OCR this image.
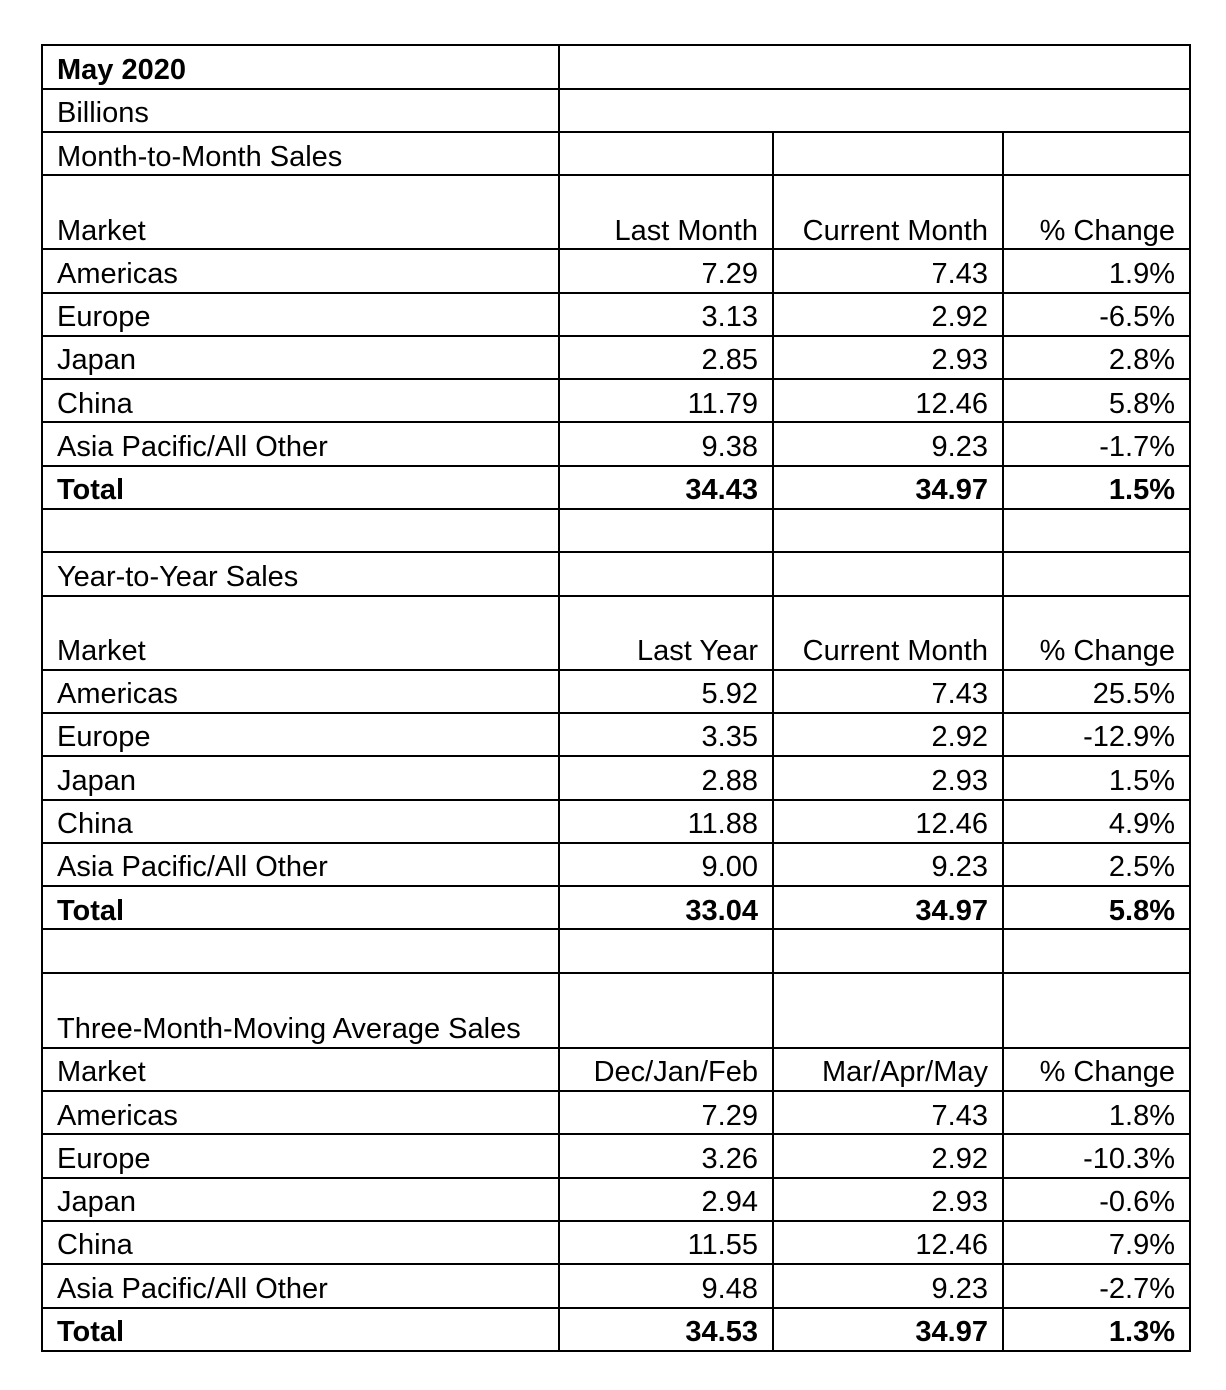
May 2020			
Billions			
Month-to-Month Sales			
Market	Last Month	Current Month	% Change
Americas	7.29	7.43	1.9%
Europe	3.13	2.92	-6.5%
Japan	2.85	2.93	2.8%
China	11.79	12.46	5.8%
Asia Pacific/All Other	9.38	9.23	-1.7%
Total	34.43	34.97	1.5%

Year-to-Year Sales			
Market	Last Year	Current Month	% Change
Americas	5.92	7.43	25.5%
Europe	3.35	2.92	-12.9%
Japan	2.88	2.93	1.5%
China	11.88	12.46	4.9%
Asia Pacific/All Other	9.00	9.23	2.5%
Total	33.04	34.97	5.8%

Three-Month-Moving Average Sales			
Market	Dec/Jan/Feb	Mar/Apr/May	% Change
Americas	7.29	7.43	1.8%
Europe	3.26	2.92	-10.3%
Japan	2.94	2.93	-0.6%
China	11.55	12.46	7.9%
Asia Pacific/All Other	9.48	9.23	-2.7%
Total	34.53	34.97	1.3%
